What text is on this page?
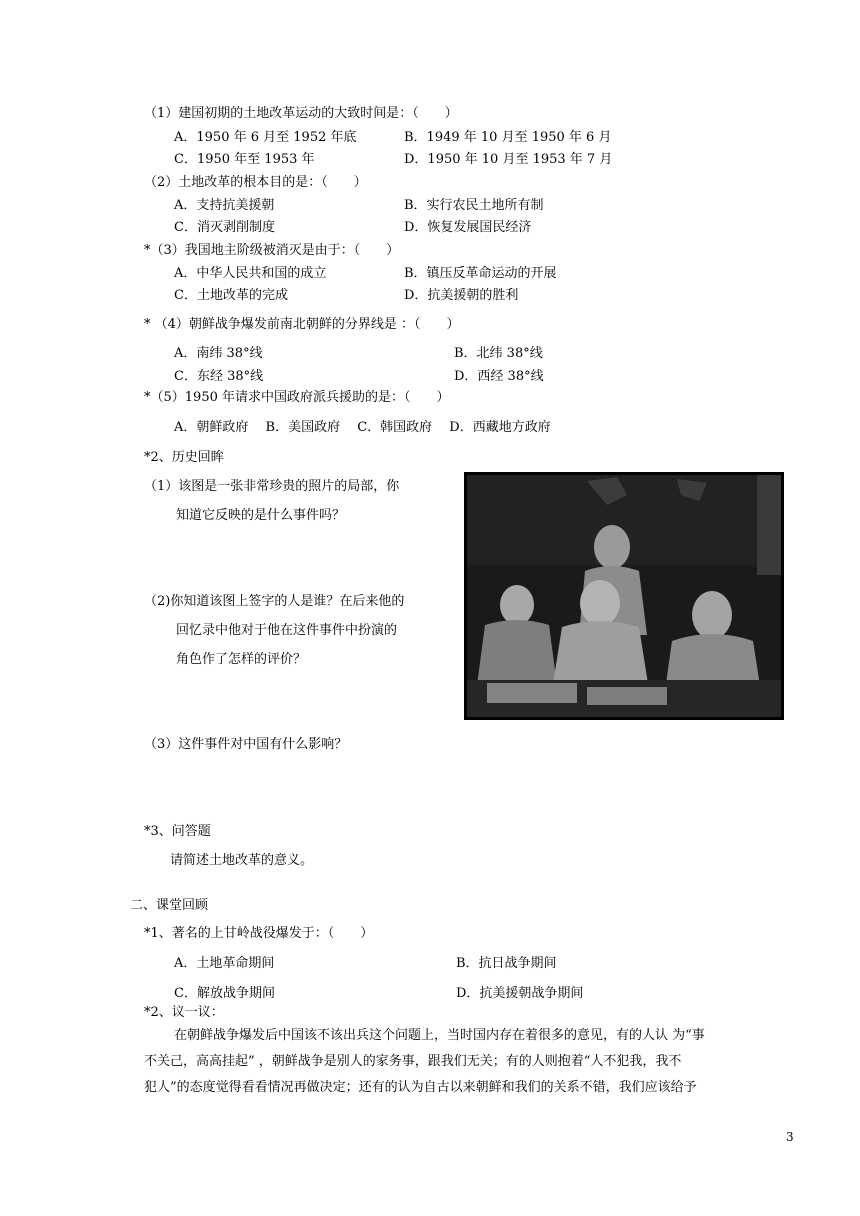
（1）建国初期的土地改革运动的大致时间是：（　　）
A．1950 年 6 月至 1952 年底	B．1949 年 10 月至 1950 年 6 月
C．1950 年至 1953 年	D．1950 年 10 月至 1953 年 7 月
（2）土地改革的根本目的是：（　　）
A．支持抗美援朝	B．实行农民土地所有制
C．消灭剥削制度	D．恢复发展国民经济
*（3）我国地主阶级被消灭是由于：（　　）
A．中华人民共和国的成立	B．镇压反革命运动的开展
C．土地改革的完成	D．抗美援朝的胜利
* （4）朝鲜战争爆发前南北朝鲜的分界线是 ：（　　）
A．南纬 38°线	B．北纬 38°线
C．东经 38°线	D．西经 38°线
*（5）1950 年请求中国政府派兵援助的是：（　　）
A．朝鲜政府　 B．美国政府　 C．韩国政府　 D．西藏地方政府
*2、历史回眸
（1）该图是一张非常珍贵的照片的局部，你
知道它反映的是什么事件吗？
（2)你知道该图上签字的人是谁？在后来他的
回忆录中他对于他在这件事件中扮演的
角色作了怎样的评价？
（3）这件事件对中国有什么影响？
*3、问答题
请简述土地改革的意义。
二、课堂回顾
*1、著名的上甘岭战役爆发于：（　　）
A．土地革命期间	B．抗日战争期间
C．解放战争期间	D．抗美援朝战争期间
*2、议一议：
在朝鲜战争爆发后中国该不该出兵这个问题上，当时国内存在着很多的意见，有的人认 为“事
不关己，高高挂起” ，朝鲜战争是别人的家务事，跟我们无关；有的人则抱着“人不犯我，我不
犯人”的态度觉得看看情况再做决定；还有的认为自古以来朝鲜和我们的关系不错，我们应该给予
3
